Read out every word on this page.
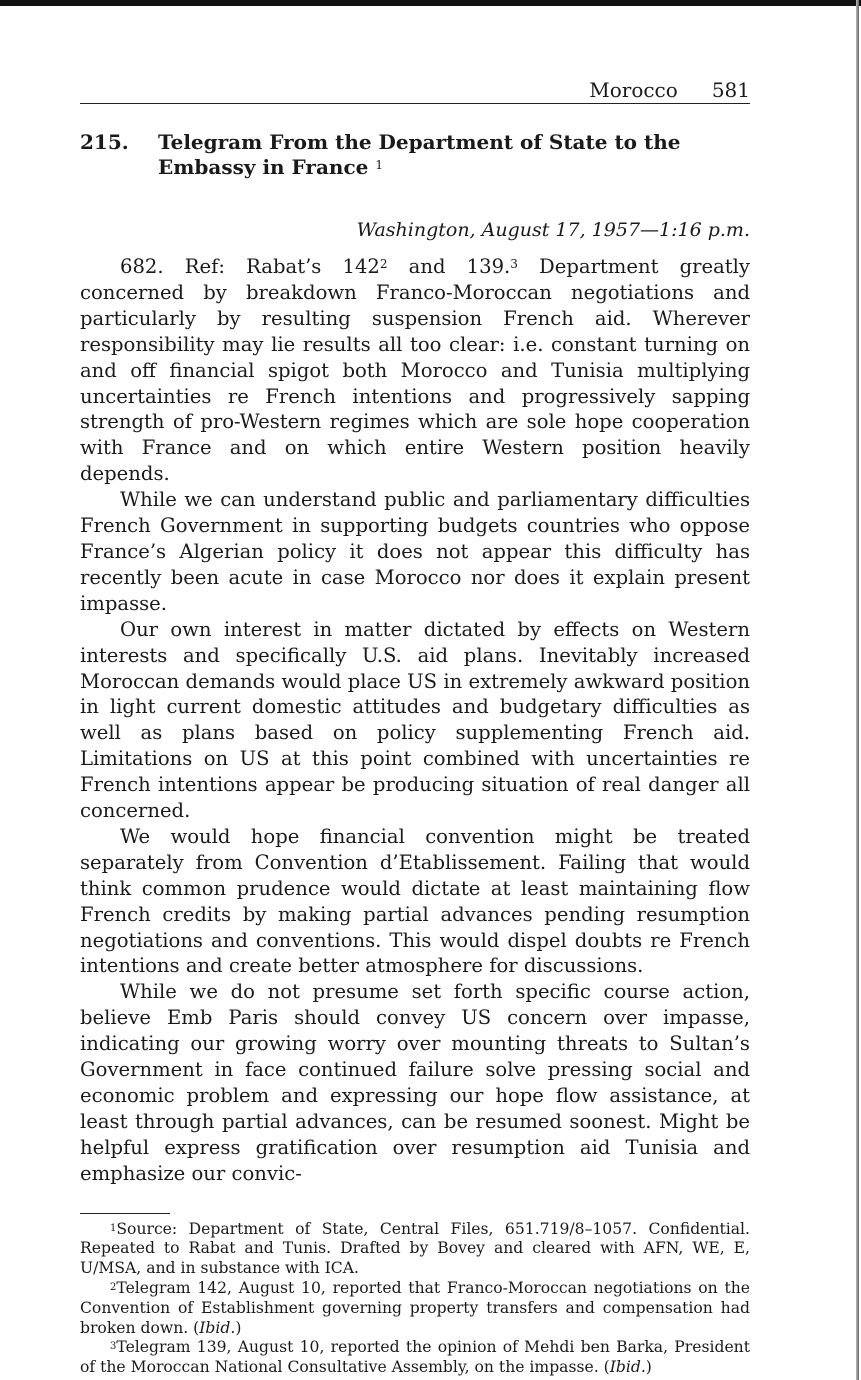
Morocco 581
215.	Telegram From the Department of State to the Embassy in France $^1$
Washington, August 17, 1957—1:16 p.m.

682. Ref: Rabat’s $142^2$ and 139.$^3$ Department greatly concerned by breakdown Franco-Moroccan negotiations and particularly by resulting suspension French aid. Wherever responsibility may lie results all too clear: i.e. constant turning on and off financial spigot both Morocco and Tunisia multiplying uncertainties re French intentions and progressively sapping strength of pro-Western regimes which are sole hope cooperation with France and on which entire Western position heavily depends.

While we can understand public and parliamentary difficulties French Government in supporting budgets countries who oppose France’s Algerian policy it does not appear this difficulty has recently been acute in case Morocco nor does it explain present impasse.

Our own interest in matter dictated by effects on Western interests and specifically U.S. aid plans. Inevitably increased Moroccan demands would place US in extremely awkward position in light current domestic attitudes and budgetary difficulties as well as plans based on policy supplementing French aid. Limitations on US at this point combined with uncertainties re French intentions appear be producing situation of real danger all concerned.

We would hope financial convention might be treated separately from Convention d’Etablissement. Failing that would think common prudence would dictate at least maintaining flow French credits by making partial advances pending resumption negotiations and conventions. This would dispel doubts re French intentions and create better atmosphere for discussions.

While we do not presume set forth specific course action, believe Emb Paris should convey US concern over impasse, indicating our growing worry over mounting threats to Sultan’s Government in face continued failure solve pressing social and economic problem and expressing our hope flow assistance, at least through partial advances, can be resumed soonest. Might be helpful express gratification over resumption aid Tunisia and emphasize our convic-

$^1$Source: Department of State, Central Files, 651.719/8–1057. Confidential. Repeated to Rabat and Tunis. Drafted by Bovey and cleared with AFN, WE, E, U/MSA, and in substance with ICA.

$^2$Telegram 142, August 10, reported that Franco-Moroccan negotiations on the Convention of Establishment governing property transfers and compensation had broken down. (Ibid.)

$^3$Telegram 139, August 10, reported the opinion of Mehdi ben Barka, President of the Moroccan National Consultative Assembly, on the impasse. (Ibid.)
